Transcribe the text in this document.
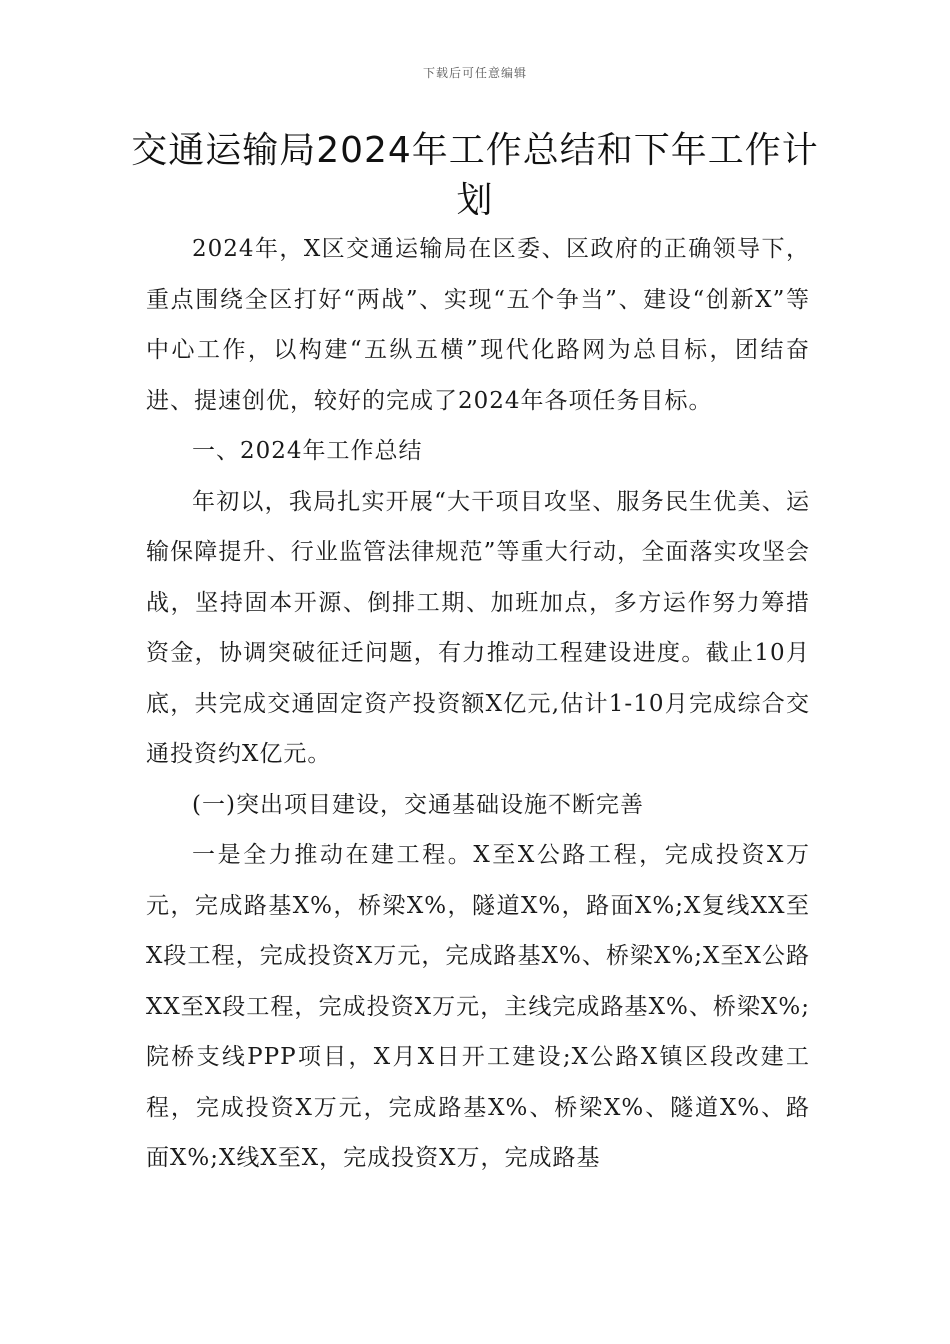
下载后可任意编辑
交通运输局2024年工作总结和下年工作计划

2024年，X区交通运输局在区委、区政府的正确领导下，重点围绕全区打好“两战”、实现“五个争当”、建设“创新X”等中心工作，以构建“五纵五横”现代化路网为总目标，团结奋进、提速创优，较好的完成了2024年各项任务目标。

一、2024年工作总结

年初以，我局扎实开展“大干项目攻坚、服务民生优美、运输保障提升、行业监管法律规范”等重大行动，全面落实攻坚会战，坚持固本开源、倒排工期、加班加点，多方运作努力筹措资金，协调突破征迁问题，有力推动工程建设进度。截止10月底，共完成交通固定资产投资额X亿元,估计1-10月完成综合交通投资约X亿元。

(一)突出项目建设，交通基础设施不断完善

一是全力推动在建工程。X至X公路工程，完成投资X万元，完成路基X%，桥梁X%，隧道X%，路面X%;X复线XX至X段工程，完成投资X万元，完成路基X%、桥梁X%;X至X公路XX至X段工程，完成投资X万元，主线完成路基X%、桥梁X%;院桥支线PPP项目，X月X日开工建设;X公路X镇区段改建工程，完成投资X万元，完成路基X%、桥梁X%、隧道X%、路面X%;X线X至X，完成投资X万，完成路基
